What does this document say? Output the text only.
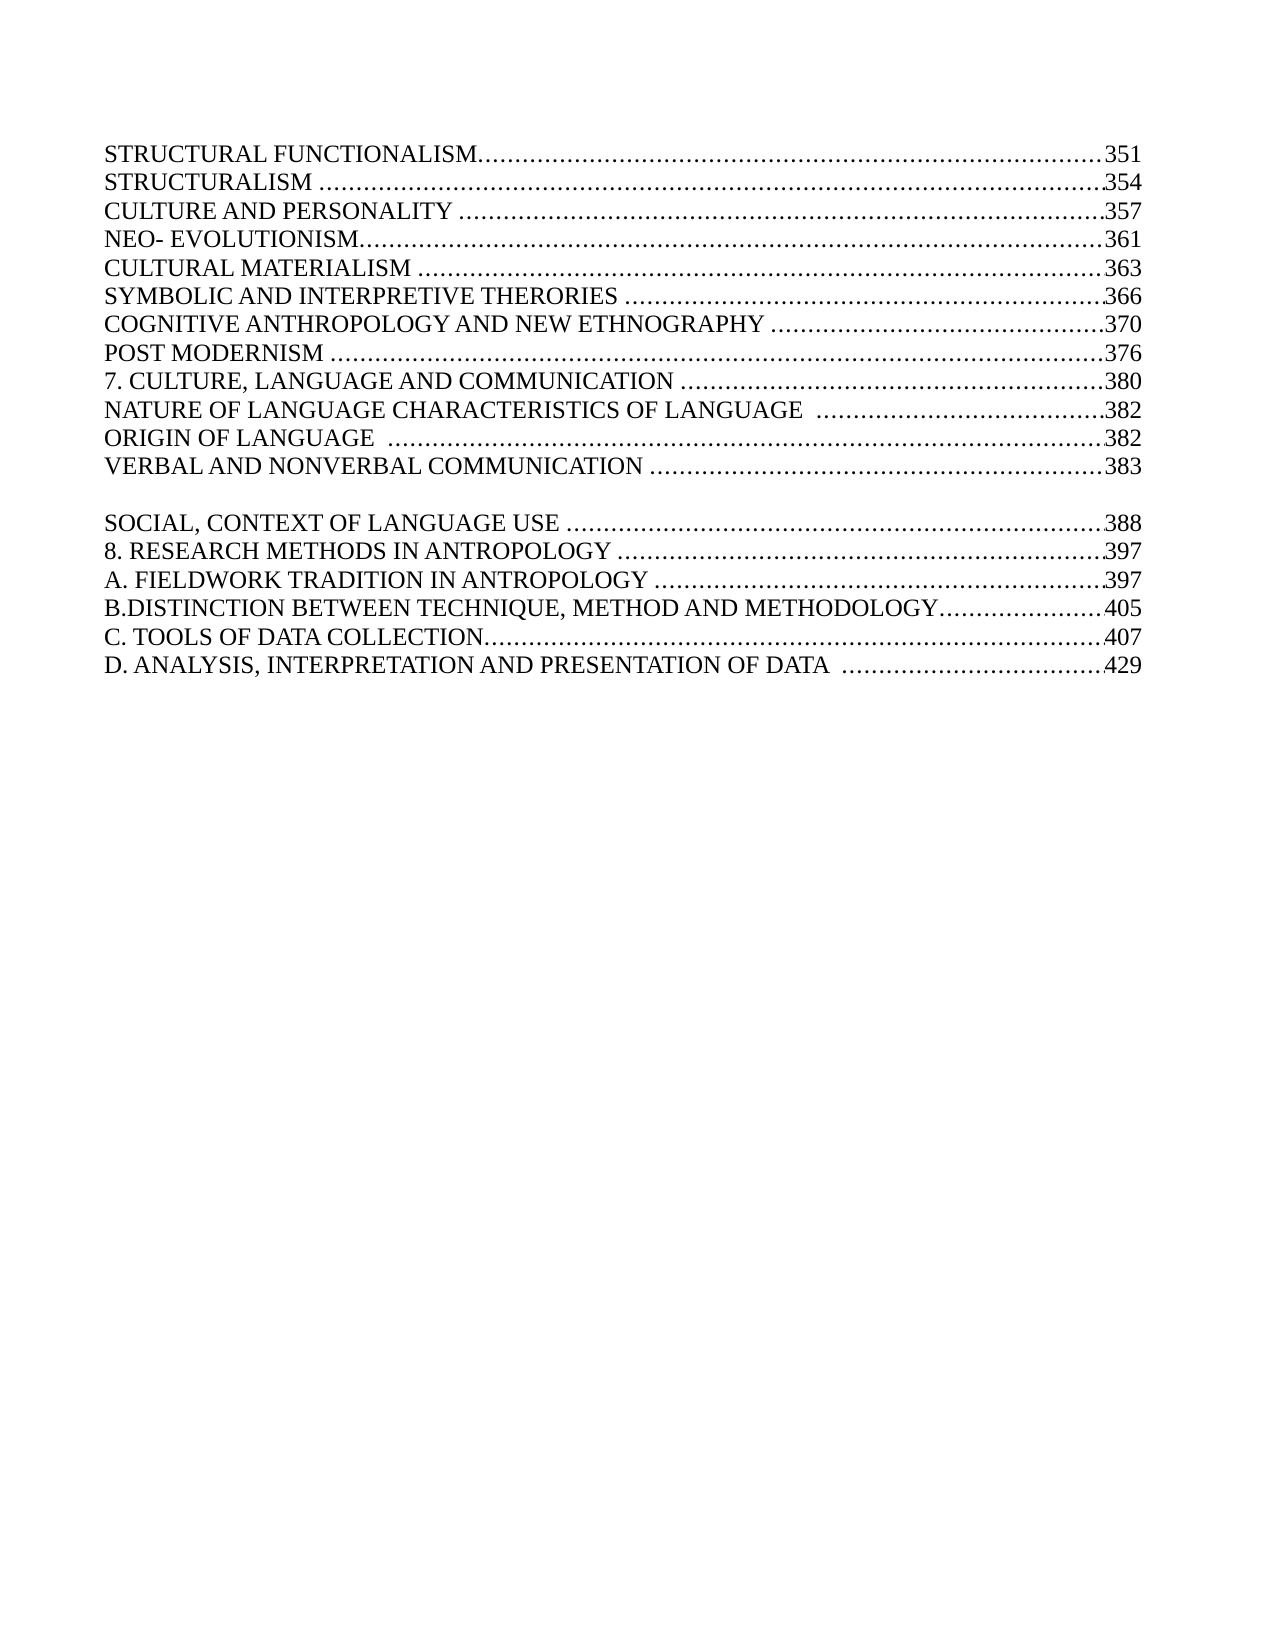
STRUCTURAL FUNCTIONALISM .....	351
STRUCTURALISM .....	354
CULTURE AND PERSONALITY .....	357
NEO- EVOLUTIONISM .....	361
CULTURAL MATERIALISM .....	363
SYMBOLIC AND INTERPRETIVE THERORIES .....	366
COGNITIVE ANTHROPOLOGY AND NEW ETHNOGRAPHY .....	370
POST MODERNISM .....	376
7. CULTURE, LANGUAGE AND COMMUNICATION .....	380
NATURE OF LANGUAGE CHARACTERISTICS OF LANGUAGE .....	382
ORIGIN OF LANGUAGE .....	382
VERBAL AND NONVERBAL COMMUNICATION .....	383
SOCIAL, CONTEXT OF LANGUAGE USE .....	388
8. RESEARCH METHODS IN ANTROPOLOGY .....	397
A. FIELDWORK TRADITION IN ANTROPOLOGY .....	397
B.DISTINCTION BETWEEN TECHNIQUE, METHOD AND METHODOLOGY .....	405
C. TOOLS OF DATA COLLECTION .....	407
D. ANALYSIS, INTERPRETATION AND PRESENTATION OF DATA .....	429
